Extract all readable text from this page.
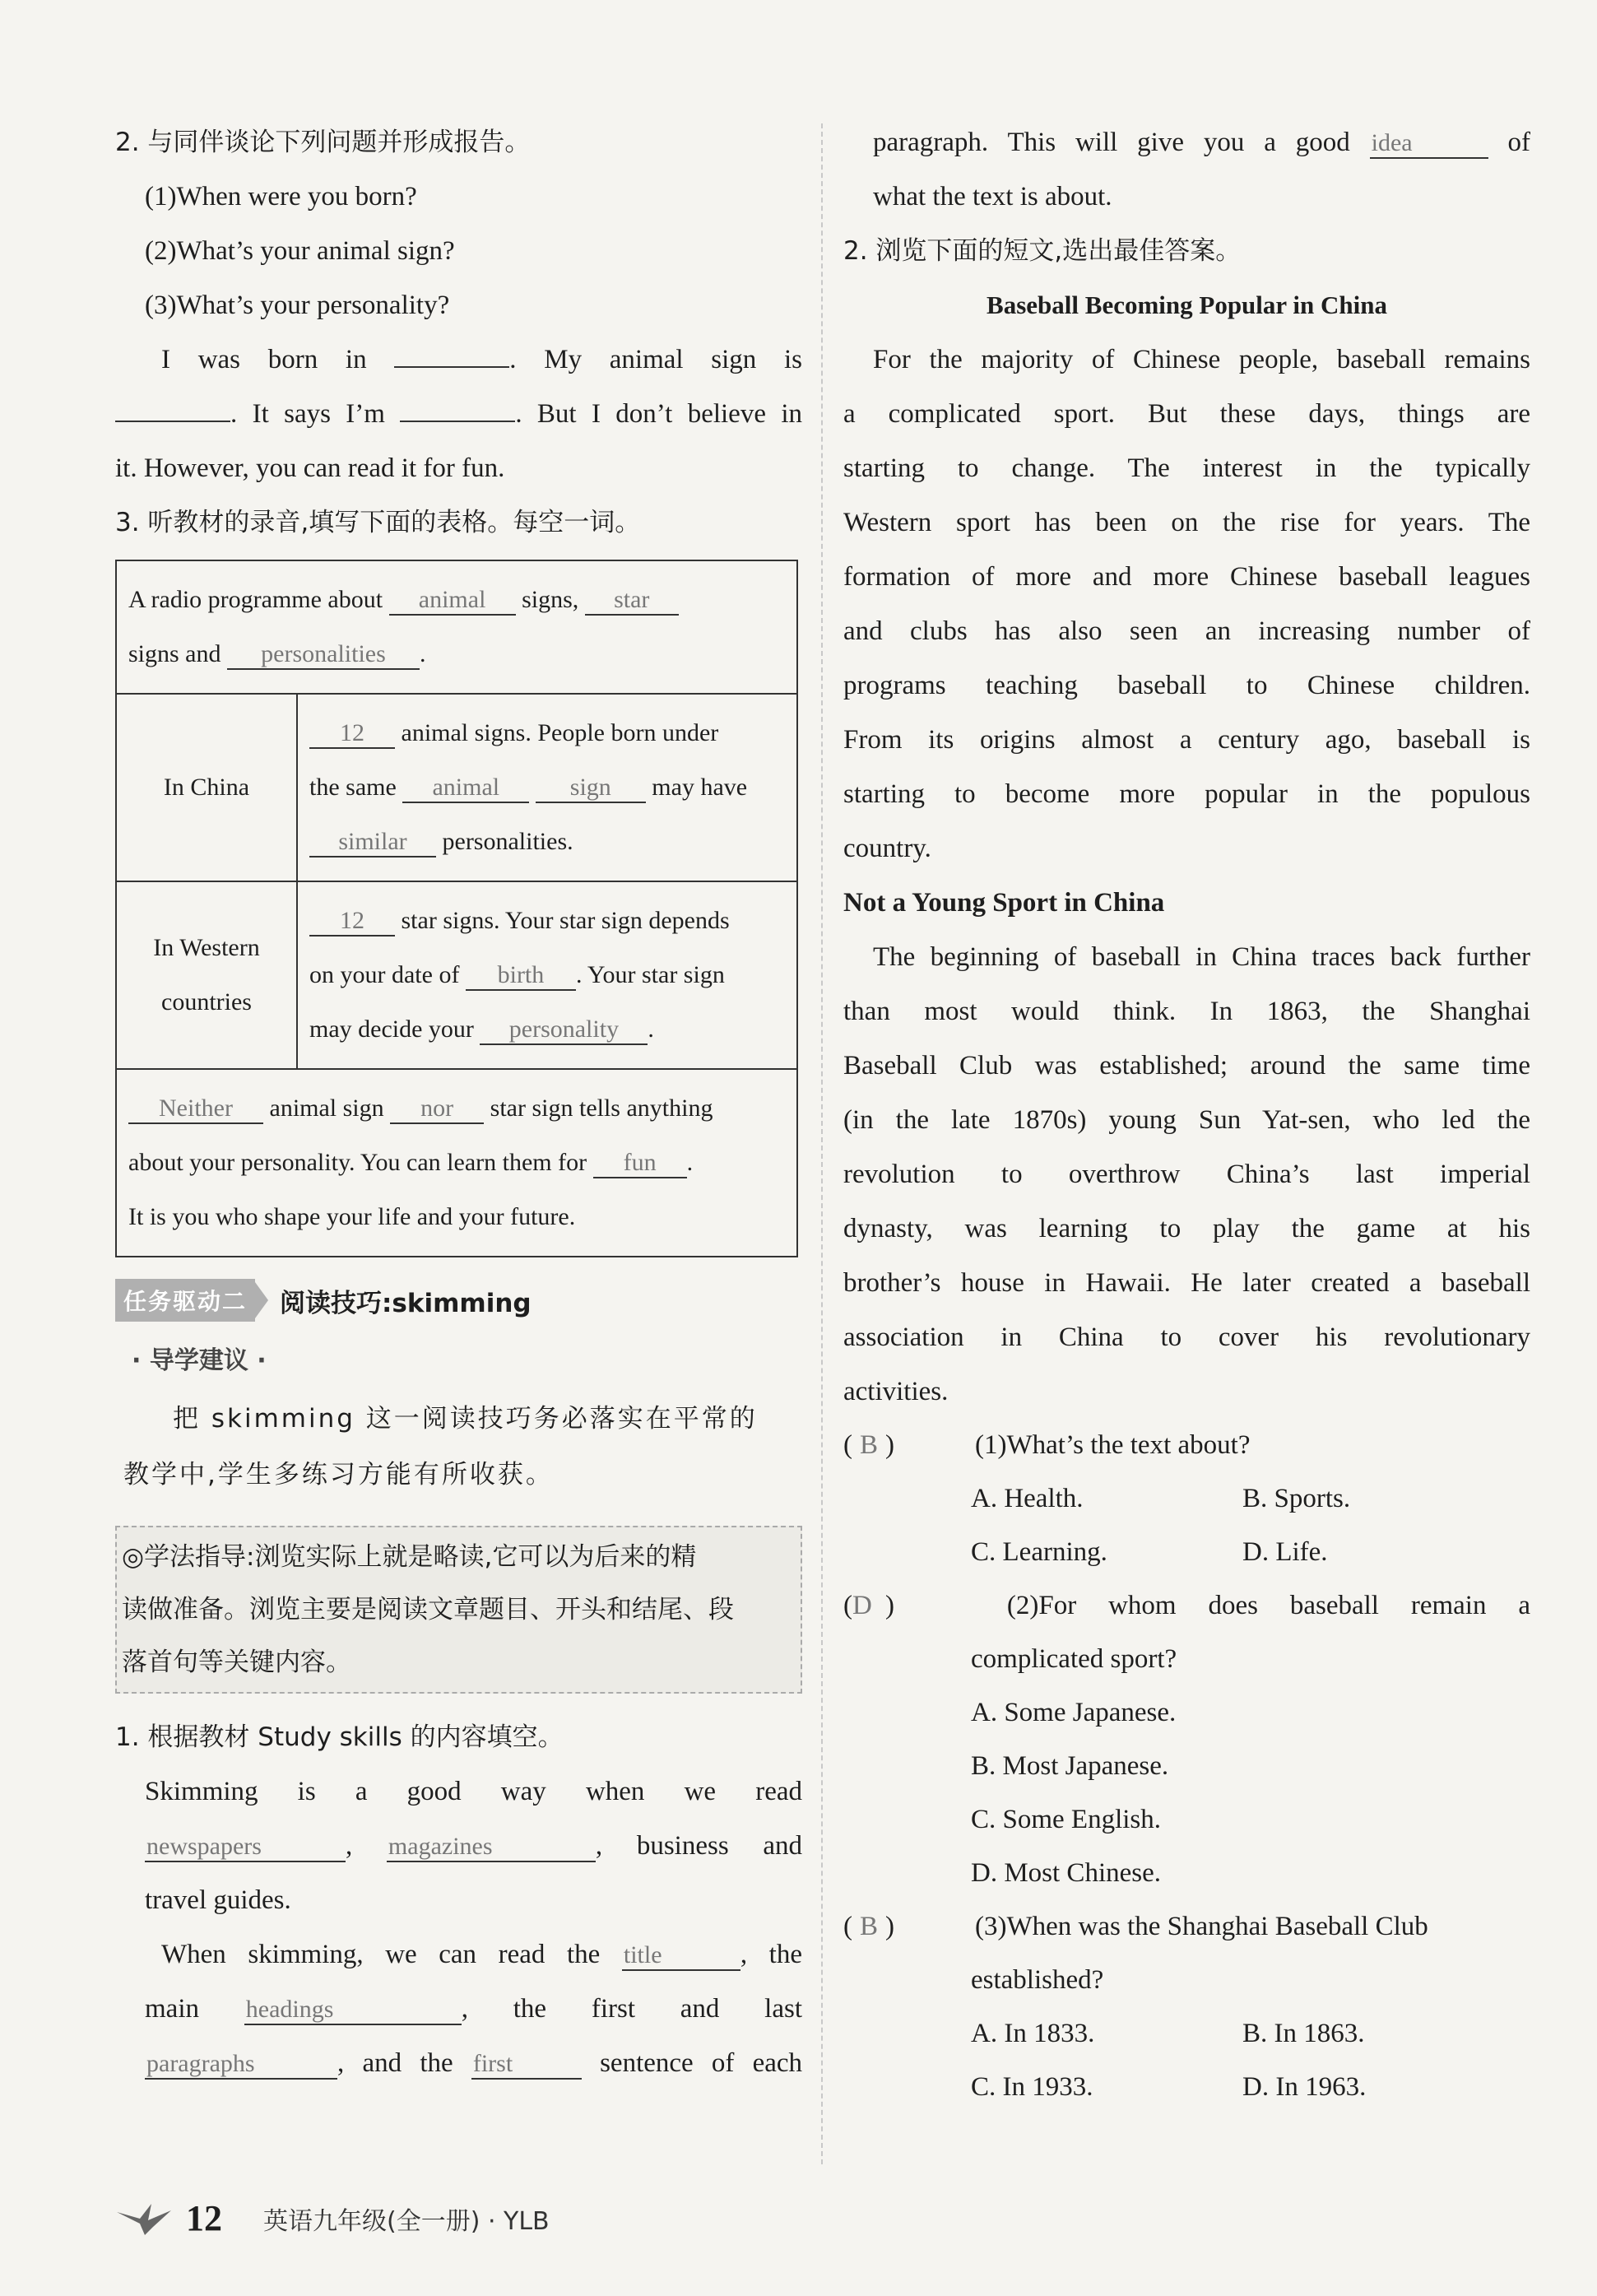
2. 与同伴谈论下列问题并形成报告。

(1)When were you born?

(2)What’s your animal sign?

(3)What’s your personality?

I was born in	. My animal sign is

. It says I’m	. But I don’t believe in

it. However, you can read it for fun.

3. 听教材的录音,填写下面的表格。每空一词。

A radio programme about animal signs, star
signs and personalities .	
In China	12 animal signs. People born under
the same animal sign may have
similar personalities.
In Western
countries	12 star signs. Your star sign depends
on your date of birth . Your star sign
may decide your personality .
Neither animal sign nor star sign tells anything
about your personality. You can learn them for fun .
It is you who shape your life and your future.	
任务驱动二	阅读技巧:skimming
· 导学建议 ·
把 skimming 这一阅读技巧务必落实在平常的
教学中,学生多练习方能有所收获。
◎学法指导:浏览实际上就是略读,它可以为后来的精
读做准备。浏览主要是阅读文章题目、开头和结尾、段
落首句等关键内容。

1. 根据教材 Study skills 的内容填空。

Skimming is a good way when we read

newspapers	, magazines	, business and

travel guides.

When skimming, we can read the title	, the

main headings	, the first and last

paragraphs	, and the first	sentence of each

paragraph. This will give you a good idea	of

what the text is about.

2. 浏览下面的短文,选出最佳答案。

Baseball Becoming Popular in China

For the majority of Chinese people, baseball remains

a complicated sport. But these days, things are

starting to change. The interest in the typically

Western sport has been on the rise for years. The

formation of more and more Chinese baseball leagues

and clubs has also seen an increasing number of

programs teaching baseball to Chinese children.

From its origins almost a century ago, baseball is

starting to become more popular in the populous

country.

Not a Young Sport in China

The beginning of baseball in China traces back further

than most would think. In 1863, the Shanghai

Baseball Club was established; around the same time

(in the late 1870s) young Sun Yat-sen, who led the

revolution to overthrow China’s last imperial

dynasty, was learning to play the game at his

brother’s house in Hawaii. He later created a baseball

association in China to cover his revolutionary

activities.

( B )	(1)What’s the text about?

A. Health.	B. Sports.

C. Learning.	D. Life.

(D )	(2)For whom does baseball remain a

complicated sport?

A. Some Japanese.

B. Most Japanese.

C. Some English.

D. Most Chinese.

( B )	(3)When was the Shanghai Baseball Club

established?

A. In 1833.	B. In 1863.

C. In 1933.	D. In 1963.

12 英语九年级(全一册) · YLB
